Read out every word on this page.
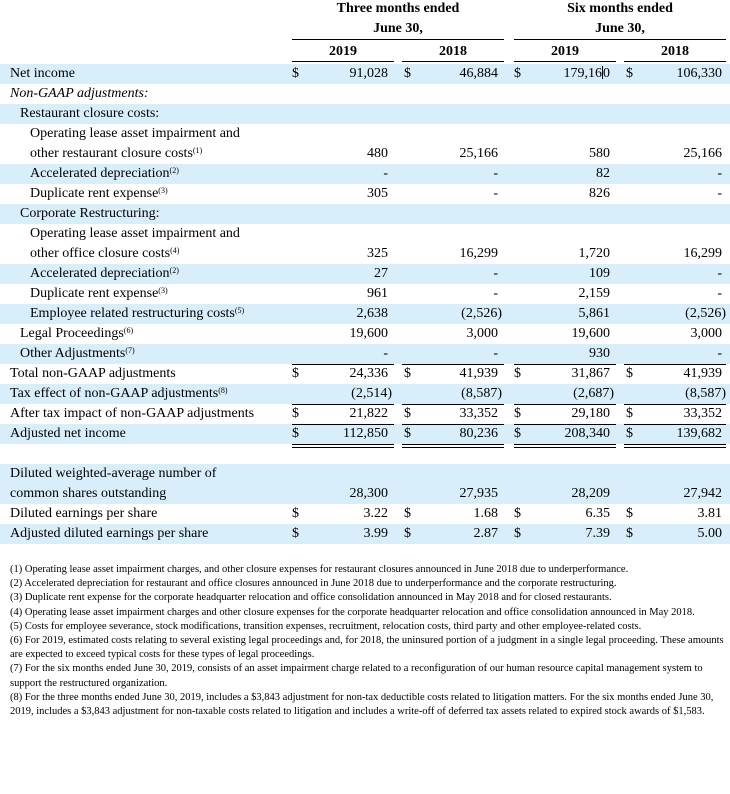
Three months ended
June 30,
Six months ended
June 30,
2019	2018	2019	2018
Net income	$	91,028 $	46,884 $	179,160 $	106,330
Non-GAAP adjustments:
Restaurant closure costs:
Operating lease asset impairment and
other restaurant closure costs$^{(1)}$	480	25,166	580	25,166
Accelerated depreciation$^{(2)}$	-	-	82	-
Duplicate rent expense$^{(3)}$	305	-	826	-
Corporate Restructuring:
Operating lease asset impairment and
other office closure costs$^{(4)}$	325	16,299	1,720	16,299
Accelerated depreciation$^{(2)}$	27	-	109	-
Duplicate rent expense$^{(3)}$	961	-	2,159	-
Employee related restructuring costs$^{(5)}$	2,638	(2,526)	5,861	(2,526)
Legal Proceedings$^{(6)}$	19,600	3,000	19,600	3,000
Other Adjustments$^{(7)}$	-	-	930	-
Total non-GAAP adjustments	$	24,336 $	41,939 $	31,867 $	41,939
Tax effect of non-GAAP adjustments$^{(8)}$	(2,514)	(8,587)	(2,687)	(8,587)
After tax impact of non-GAAP adjustments	$	21,822 $	33,352 $	29,180 $	33,352
Adjusted net income	$	112,850 $	80,236 $	208,340 $	139,682
Diluted weighted-average number of
common shares outstanding	28,300	27,935	28,209	27,942
Diluted earnings per share	$	3.22 $	1.68 $	6.35 $	3.81
Adjusted diluted earnings per share	$	3.99 $	2.87 $	7.39 $	5.00

(1) Operating lease asset impairment charges, and other closure expenses for restaurant closures announced in June 2018 due to underperformance.

(2) Accelerated depreciation for restaurant and office closures announced in June 2018 due to underperformance and the corporate restructuring.

(3) Duplicate rent expense for the corporate headquarter relocation and office consolidation announced in May 2018 and for closed restaurants.

(4) Operating lease asset impairment charges and other closure expenses for the corporate headquarter relocation and office consolidation announced in May 2018.

(5) Costs for employee severance, stock modifications, transition expenses, recruitment, relocation costs, third party and other employee-related costs.

(6) For 2019, estimated costs relating to several existing legal proceedings and, for 2018, the uninsured portion of a judgment in a single legal proceeding. These amounts are expected to exceed typical costs for these types of legal proceedings.

(7) For the six months ended June 30, 2019, consists of an asset impairment charge related to a reconfiguration of our human resource capital management system to support the restructured organization.

(8) For the three months ended June 30, 2019, includes a $3,843 adjustment for non-tax deductible costs related to litigation matters. For the six months ended June 30, 2019, includes a $3,843 adjustment for non-taxable costs related to litigation and includes a write-off of deferred tax assets related to expired stock awards of $1,583.
